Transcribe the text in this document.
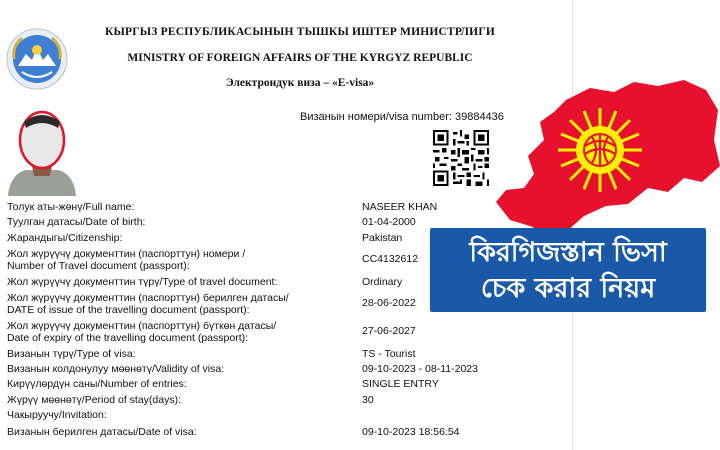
КЫРГЫЗ РЕСПУБЛИКАСЫНЫН ТЫШКЫ ИШТЕР МИНИСТРЛИГИ
MINISTRY OF FOREIGN AFFAIRS OF THE KYRGYZ REPUBLIC
Электрондук виза – «E-visa»
Визанын номери/visa number: 39884436
Толук аты-жөнү/Full name:	NASEER KHAN
Туулган датасы/Date of birth:	01-04-2000
Жарандыгы/Citizenship:	Pakistan
Жол жүрүүчү документтин (паспорттун) номери /
Number of Travel document (passport):
CC4132612
Жол жүрүүчү документтин түрү/Type of travel document:	Ordinary
Жол жүрүүчү документтин (паспорттун) берилген датасы/
DATE of issue of the travelling document (passport):
28-06-2022
Жол жүрүүчү документтин (паспорттун) бүткөн датасы/
Date of expiry of the travelling document (passport):
27-06-2027
Визанын түрү/Type of visa:	TS - Tourist
Визанын колдонулуу мөөнөтү/Validity of visa:	09-10-2023 - 08-11-2023
Кирүүлөрдүн саны/Number of entries:	SINGLE ENTRY
Жүрүү мөөнөтү/Period of stay(days):	30
Чакыруучу/Invitation:
Визанын берилген датасы/Date of visa:	09-10-2023 18:56:54
কিরগিজস্তান ভিসা
চেক করার নিয়ম
